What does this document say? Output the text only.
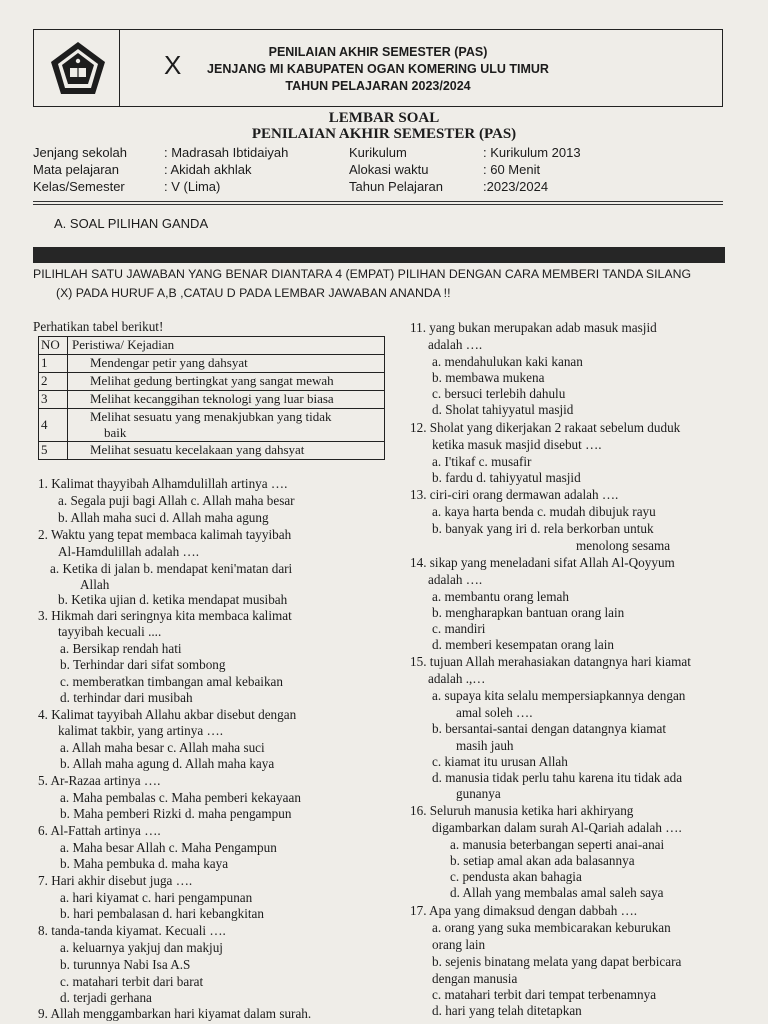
PENILAIAN AKHIR SEMESTER (PAS)
JENJANG MI KABUPATEN OGAN KOMERING ULU TIMUR
TAHUN PELAJARAN 2023/2024
X
LEMBAR SOAL
PENILAIAN AKHIR SEMESTER (PAS)
Jenjang sekolah	: Madrasah Ibtidaiyah
Mata pelajaran	: Akidah akhlak
Kelas/Semester	: V (Lima)
Kurikulum	: Kurikulum 2013
Alokasi waktu	: 60 Menit
Tahun Pelajaran	:2023/2024
A. SOAL PILIHAN GANDA
PILIHLAH SATU JAWABAN YANG BENAR DIANTARA 4 (EMPAT) PILIHAN DENGAN CARA MEMBERI TANDA SILANG
(X) PADA HURUF A,B ,CATAU D PADA LEMBAR JAWABAN ANANDA !!
Perhatikan tabel berikut!
NO	Peristiwa/ Kejadian
1	Mendengar petir yang dahsyat
2	Melihat gedung bertingkat yang sangat mewah
3	Melihat kecanggihan teknologi yang luar biasa
4	Melihat sesuatu yang menakjubkan yang tidak
baik
5	Melihat sesuatu kecelakaan yang dahsyat
1. Kalimat thayyibah Alhamdulillah artinya ….
a. Segala puji bagi Allah c. Allah maha besar
b. Allah maha suci d. Allah maha agung
2. Waktu yang tepat membaca kalimah tayyibah
Al-Hamdulillah adalah ….
a. Ketika di jalan b. mendapat keni'matan dari
Allah
b. Ketika ujian d. ketika mendapat musibah
3. Hikmah dari seringnya kita membaca kalimat
tayyibah kecuali ....
a. Bersikap rendah hati
b. Terhindar dari sifat sombong
c. memberatkan timbangan amal kebaikan
d. terhindar dari musibah
4. Kalimat tayyibah Allahu akbar disebut dengan
kalimat takbir, yang artinya ….
a. Allah maha besar c. Allah maha suci
b. Allah maha agung d. Allah maha kaya
5. Ar-Razaa artinya ….
a. Maha pembalas c. Maha pemberi kekayaan
b. Maha pemberi Rizki d. maha pengampun
6. Al-Fattah artinya ….
a. Maha besar Allah c. Maha Pengampun
b. Maha pembuka d. maha kaya
7. Hari akhir disebut juga ….
a. hari kiyamat c. hari pengampunan
b. hari pembalasan d. hari kebangkitan
8. tanda-tanda kiyamat. Kecuali ….
a. keluarnya yakjuj dan makjuj
b. turunnya Nabi Isa A.S
c. matahari terbit dari barat
d. terjadi gerhana
9. Allah menggambarkan hari kiyamat dalam surah.
11. yang bukan merupakan adab masuk masjid
adalah ….
a. mendahulukan kaki kanan
b. membawa mukena
c. bersuci terlebih dahulu
d. Sholat tahiyyatul masjid
12. Sholat yang dikerjakan 2 rakaat sebelum duduk
ketika masuk masjid disebut ….
a. I'tikaf c. musafir
b. fardu d. tahiyyatul masjid
13. ciri-ciri orang dermawan adalah ….
a. kaya harta benda c. mudah dibujuk rayu
b. banyak yang iri d. rela berkorban untuk
menolong sesama
14. sikap yang meneladani sifat Allah Al-Qoyyum
adalah ….
a. membantu orang lemah
b. mengharapkan bantuan orang lain
c. mandiri
d. memberi kesempatan orang lain
15. tujuan Allah merahasiakan datangnya hari kiamat
adalah .,…
a. supaya kita selalu mempersiapkannya dengan
amal soleh ….
b. bersantai-santai dengan datangnya kiamat
masih jauh
c. kiamat itu urusan Allah
d. manusia tidak perlu tahu karena itu tidak ada
gunanya
16. Seluruh manusia ketika hari akhiryang
digambarkan dalam surah Al-Qariah adalah ….
a. manusia beterbangan seperti anai-anai
b. setiap amal akan ada balasannya
c. pendusta akan bahagia
d. Allah yang membalas amal saleh saya
17. Apa yang dimaksud dengan dabbah ….
a. orang yang suka membicarakan keburukan
orang lain
b. sejenis binatang melata yang dapat berbicara
dengan manusia
c. matahari terbit dari tempat terbenamnya
d. hari yang telah ditetapkan
